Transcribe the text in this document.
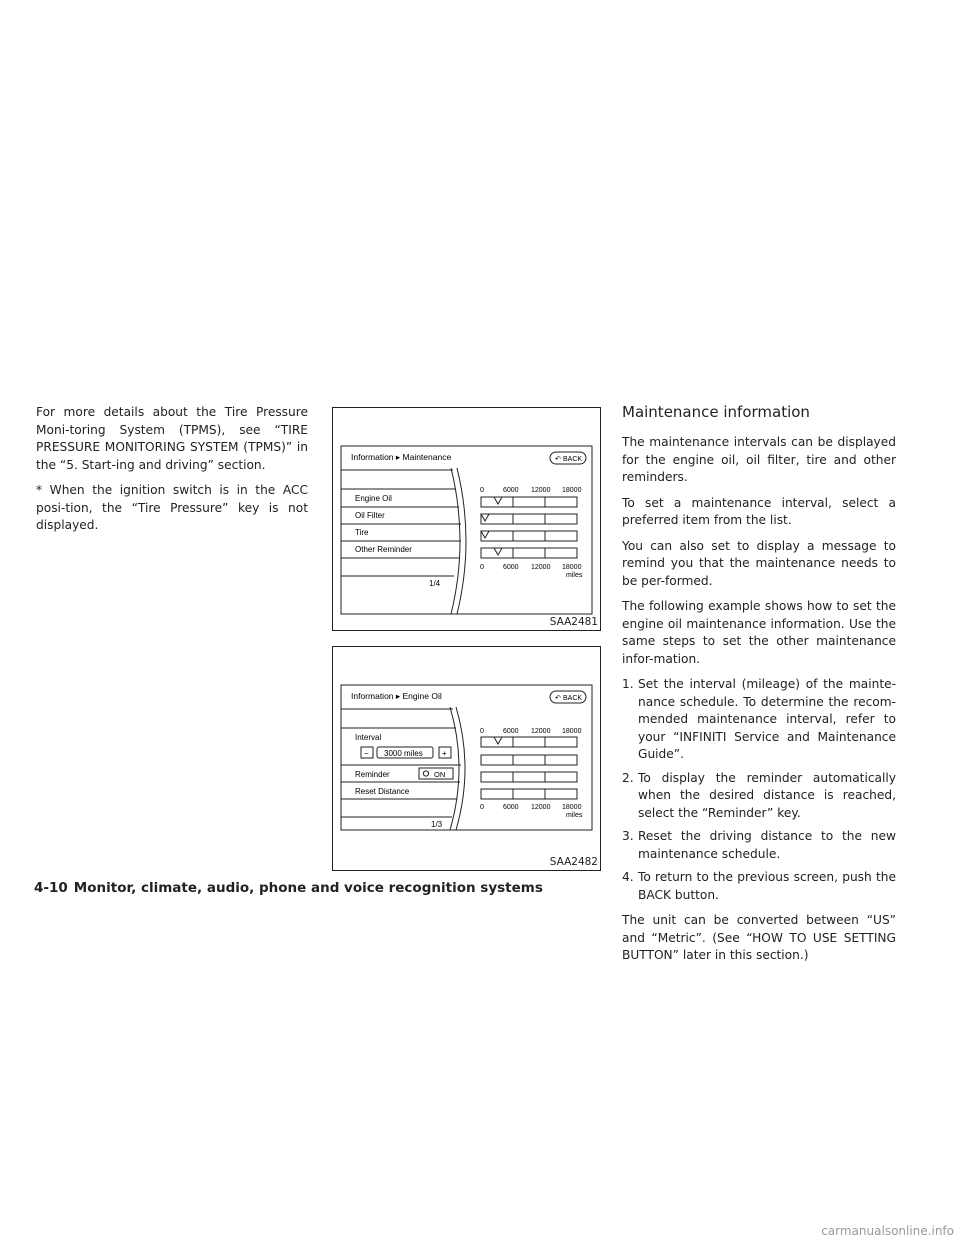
For more details about the Tire Pressure Moni-toring System (TPMS), see “TIRE PRESSURE MONITORING SYSTEM (TPMS)” in the “5. Start-ing and driving” section.

* When the ignition switch is in the ACC posi-tion, the “Tire Pressure” key is not displayed.

Information ▸ Maintenance	↶ BACK
Engine Oil
Oil Filter
Tire
Other Reminder
1/4
0	6000 12000 18000
0	6000 12000 18000
miles
SAA2481
Information ▸ Engine Oil	↶ BACK
Interval
− 3000 miles +
Reminder	ON
Reset Distance
1/3
0	6000 12000 18000
0	6000 12000 18000
miles
SAA2482
Maintenance information

The maintenance intervals can be displayed for the engine oil, oil filter, tire and other reminders.

To set a maintenance interval, select a preferred item from the list.

You can also set to display a message to remind you that the maintenance needs to be per-formed.

The following example shows how to set the engine oil maintenance information. Use the same steps to set the other maintenance infor-mation.

1. Set the interval (mileage) of the mainte-nance schedule. To determine the recom-mended maintenance interval, refer to your “INFINITI Service and Maintenance Guide”.
2. To display the reminder automatically when the desired distance is reached, select the “Reminder” key.
3. Reset the driving distance to the new maintenance schedule.
4. To return to the previous screen, push the BACK button.

The unit can be converted between “US” and “Metric”. (See “HOW TO USE SETTING BUTTON” later in this section.)

4-10 Monitor, climate, audio, phone and voice recognition systems
carmanualsonline.info
